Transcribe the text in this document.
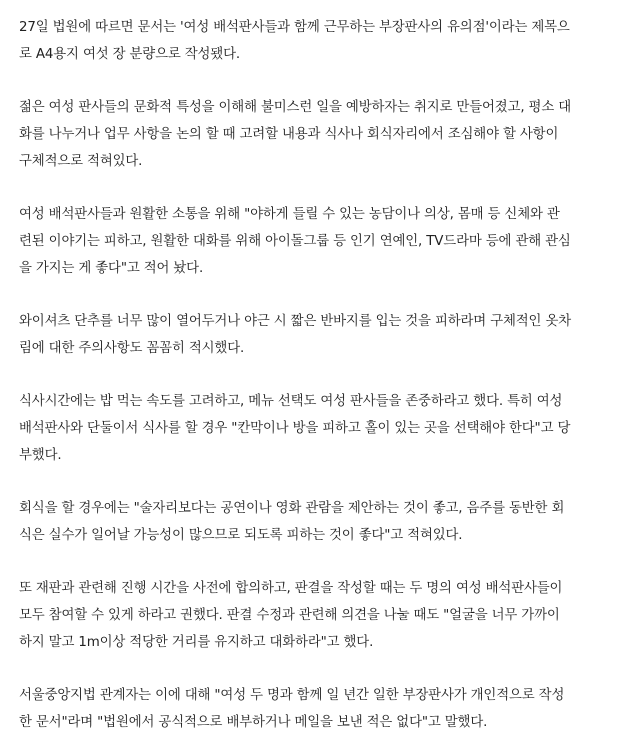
27일 법원에 따르면 문서는 '여성 배석판사들과 함께 근무하는 부장판사의 유의점'이라는 제목으
로 A4용지 여섯 장 분량으로 작성됐다.
젊은 여성 판사들의 문화적 특성을 이해해 불미스런 일을 예방하자는 취지로 만들어졌고, 평소 대
화를 나누거나 업무 사항을 논의 할 때 고려할 내용과 식사나 회식자리에서 조심해야 할 사항이
구체적으로 적혀있다.
여성 배석판사들과 원활한 소통을 위해 "야하게 들릴 수 있는 농담이나 의상, 몸매 등 신체와 관
련된 이야기는 피하고, 원활한 대화를 위해 아이돌그룹 등 인기 연예인, TV드라마 등에 관해 관심
을 가지는 게 좋다"고 적어 놨다.
와이셔츠 단추를 너무 많이 열어두거나 야근 시 짧은 반바지를 입는 것을 피하라며 구체적인 옷차
림에 대한 주의사항도 꼼꼼히 적시했다.
식사시간에는 밥 먹는 속도를 고려하고, 메뉴 선택도 여성 판사들을 존중하라고 했다. 특히 여성
배석판사와 단둘이서 식사를 할 경우 "칸막이나 방을 피하고 홀이 있는 곳을 선택해야 한다"고 당
부했다.
회식을 할 경우에는 "술자리보다는 공연이나 영화 관람을 제안하는 것이 좋고, 음주를 동반한 회
식은 실수가 일어날 가능성이 많으므로 되도록 피하는 것이 좋다"고 적혀있다.
또 재판과 관련해 진행 시간을 사전에 합의하고, 판결을 작성할 때는 두 명의 여성 배석판사들이
모두 참여할 수 있게 하라고 권했다. 판결 수정과 관련해 의견을 나눌 때도 "얼굴을 너무 가까이
하지 말고 1m이상 적당한 거리를 유지하고 대화하라"고 했다.
서울중앙지법 관계자는 이에 대해 "여성 두 명과 함께 일 년간 일한 부장판사가 개인적으로 작성
한 문서"라며 "법원에서 공식적으로 배부하거나 메일을 보낸 적은 없다"고 말했다.
